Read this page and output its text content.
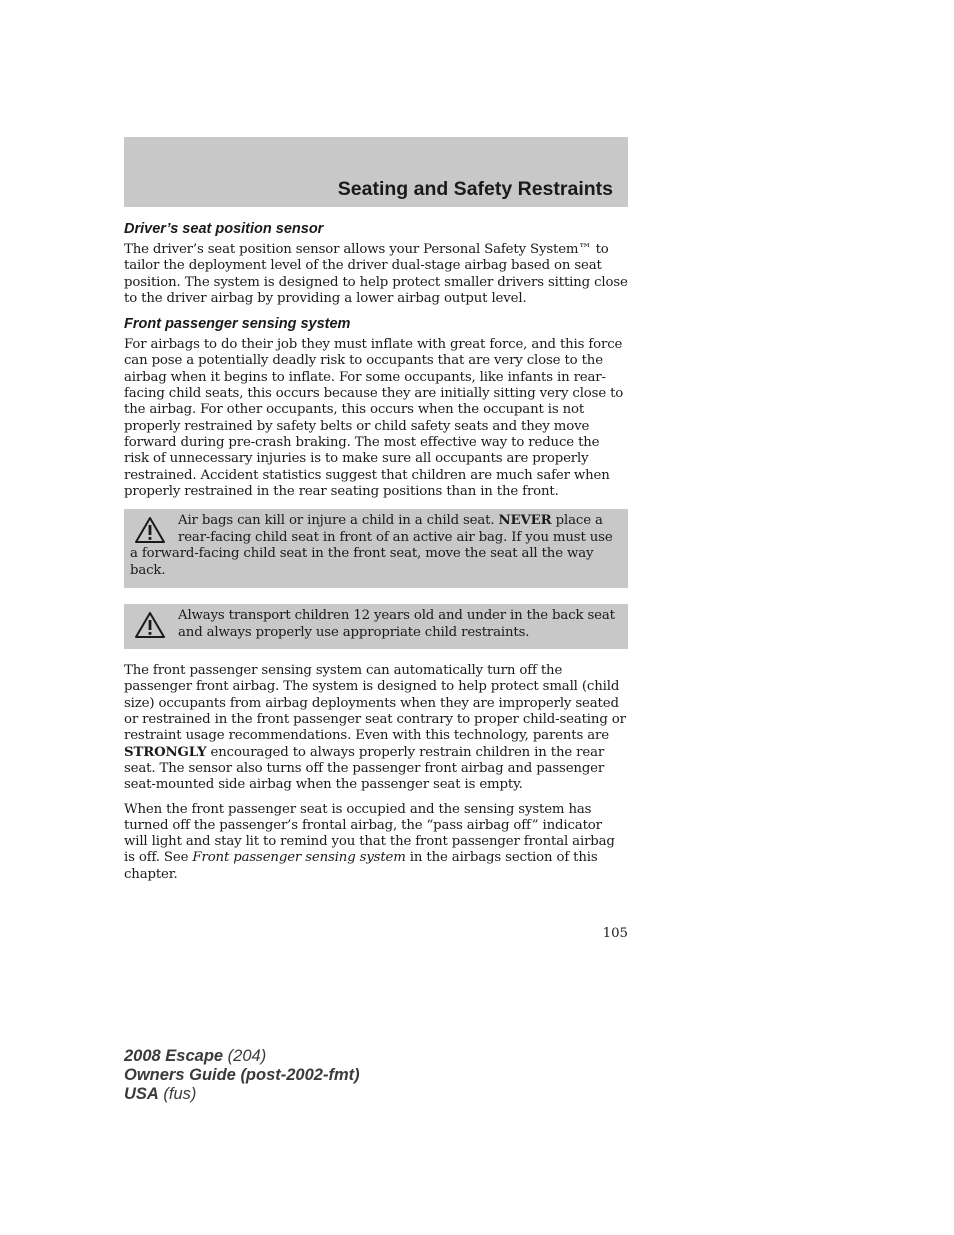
Seating and Safety Restraints
Driver’s seat position sensor

The driver’s seat position sensor allows your Personal Safety System™ to tailor the deployment level of the driver dual-stage airbag based on seat position. The system is designed to help protect smaller drivers sitting close to the driver airbag by providing a lower airbag output level.

Front passenger sensing system

For airbags to do their job they must inflate with great force, and this force can pose a potentially deadly risk to occupants that are very close to the airbag when it begins to inflate. For some occupants, like infants in rear-facing child seats, this occurs because they are initially sitting very close to the airbag. For other occupants, this occurs when the occupant is not properly restrained by safety belts or child safety seats and they move forward during pre-crash braking. The most effective way to reduce the risk of unnecessary injuries is to make sure all occupants are properly restrained. Accident statistics suggest that children are much safer when properly restrained in the rear seating positions than in the front.

Air bags can kill or injure a child in a child seat. NEVER place a rear-facing child seat in front of an active air bag. If you must use a forward-facing child seat in the front seat, move the seat all the way back.
Always transport children 12 years old and under in the back seat and always properly use appropriate child restraints.

The front passenger sensing system can automatically turn off the passenger front airbag. The system is designed to help protect small (child size) occupants from airbag deployments when they are improperly seated or restrained in the front passenger seat contrary to proper child-seating or restraint usage recommendations. Even with this technology, parents are STRONGLY encouraged to always properly restrain children in the rear seat. The sensor also turns off the passenger front airbag and passenger seat-mounted side airbag when the passenger seat is empty.

When the front passenger seat is occupied and the sensing system has turned off the passenger’s frontal airbag, the “pass airbag off” indicator will light and stay lit to remind you that the front passenger frontal airbag is off. See Front passenger sensing system in the airbags section of this chapter.

105
2008 Escape (204)
Owners Guide (post-2002-fmt)
USA (fus)
